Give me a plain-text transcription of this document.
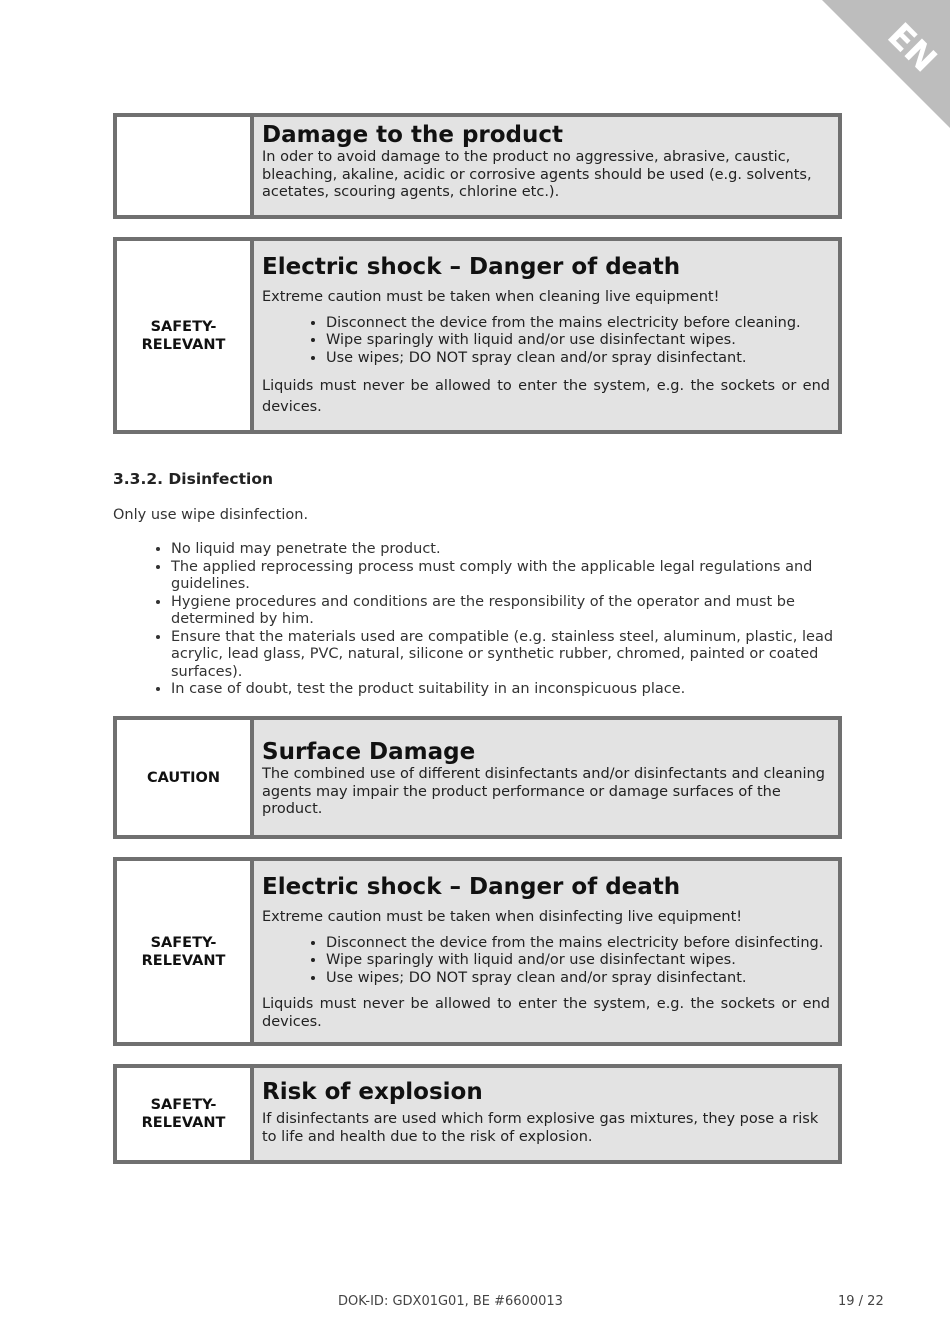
EN
Damage to the product

In oder to avoid damage to the product no aggressive, abrasive, caustic, bleaching, akaline, acidic or corrosive agents should be used (e.g. solvents, acetates, scouring agents, chlorine etc.).

SAFETY-
RELEVANT
Electric shock – Danger of death

Extreme caution must be taken when cleaning live equipment!

• Disconnect the device from the mains electricity before cleaning.
• Wipe sparingly with liquid and/or use disinfectant wipes.
• Use wipes; DO NOT spray clean and/or spray disinfectant.

Liquids must never be allowed to enter the system, e.g. the sockets or end devices.

3.3.2. Disinfection
Only use wipe disinfection.
• No liquid may penetrate the product.
• The applied reprocessing process must comply with the applicable legal regulations and guidelines.
• Hygiene procedures and conditions are the responsibility of the operator and must be determined by him.
• Ensure that the materials used are compatible (e.g. stainless steel, aluminum, plastic, lead acrylic, lead glass, PVC, natural, silicone or synthetic rubber, chromed, painted or coated surfaces).
• In case of doubt, test the product suitability in an inconspicuous place.
CAUTION
Surface Damage

The combined use of different disinfectants and/or disinfectants and cleaning agents may impair the product performance or damage surfaces of the product.

SAFETY-
RELEVANT
Electric shock – Danger of death

Extreme caution must be taken when disinfecting live equipment!

• Disconnect the device from the mains electricity before disinfecting.
• Wipe sparingly with liquid and/or use disinfectant wipes.
• Use wipes; DO NOT spray clean and/or spray disinfectant.

Liquids must never be allowed to enter the system, e.g. the sockets or end devices.

SAFETY-
RELEVANT
Risk of explosion

If disinfectants are used which form explosive gas mixtures, they pose a risk to life and health due to the risk of explosion.

DOK-ID: GDX01G01, BE #6600013	19 / 22
